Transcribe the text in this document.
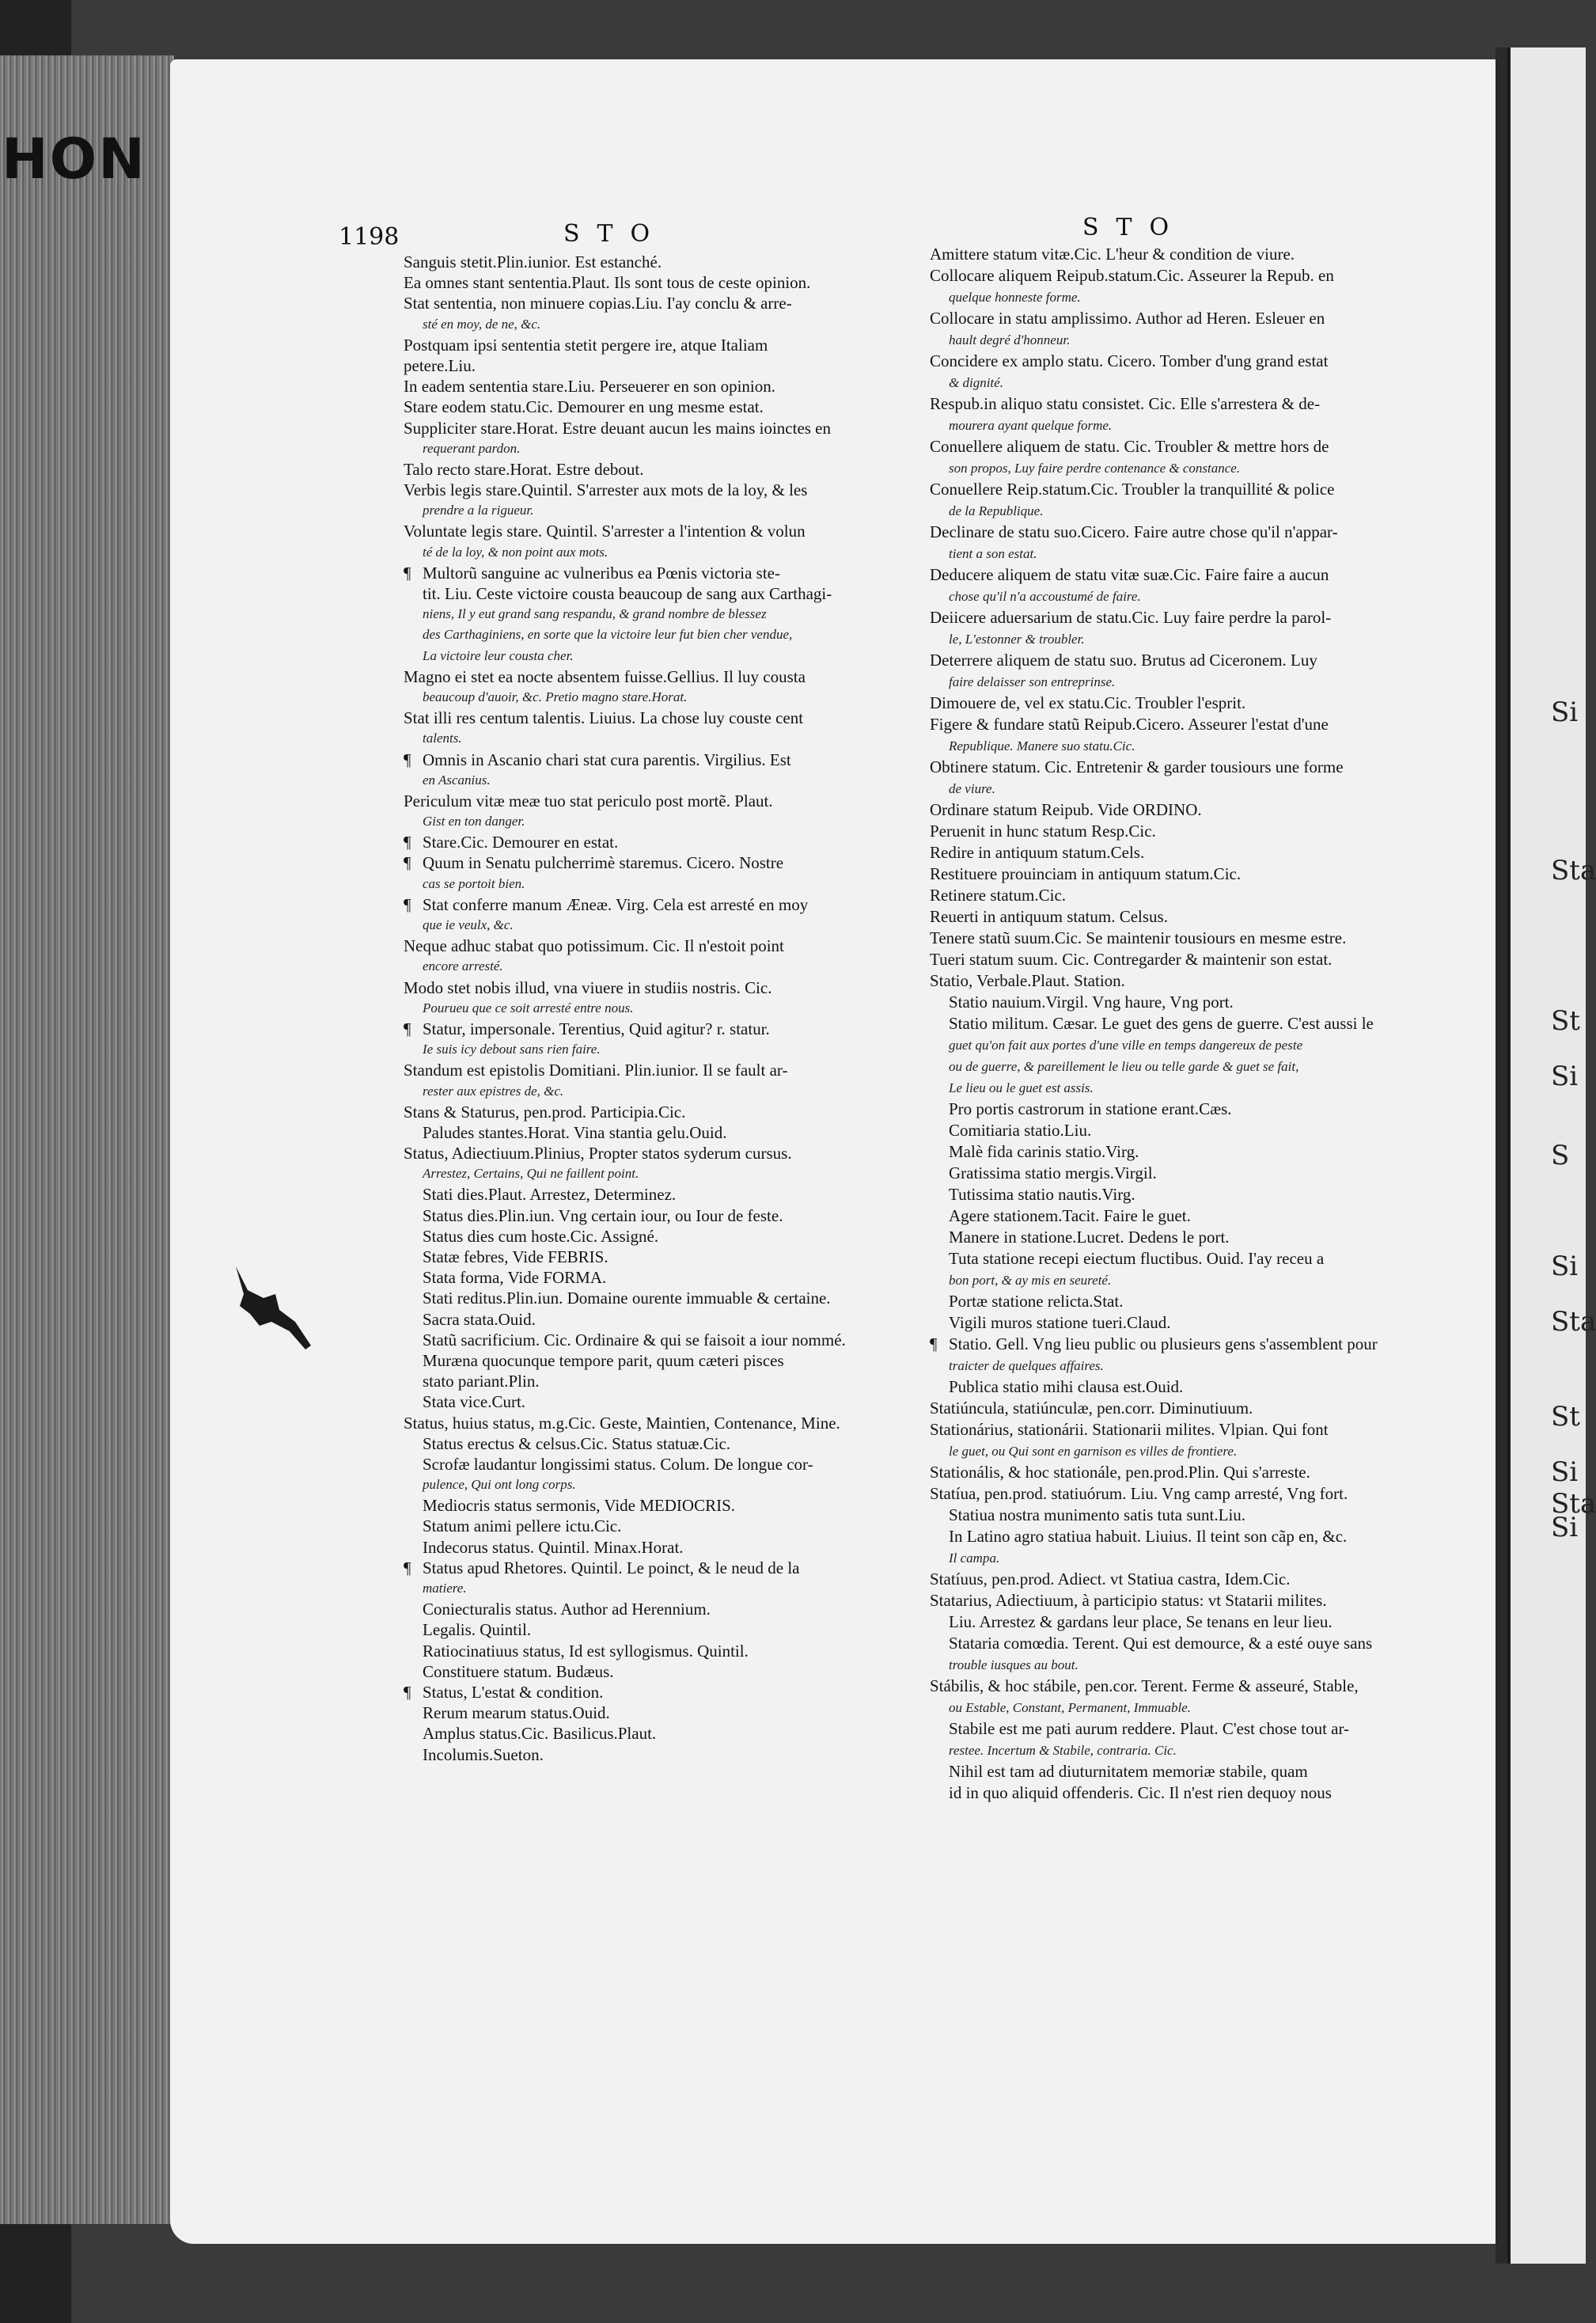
HON
Si
Sta
St
Si
S
Si
Sta
St
Si
Sta
Si
1198	STO	STO
Sanguis stetit.Plin.iunior. Est estanché.
Ea omnes stant sententia.Plaut. Ils sont tous de ceste opinion.
Stat sententia, non minuere copias.Liu. I'ay conclu & arre-
sté en moy, de ne, &c.
Postquam ipsi sententia stetit pergere ire, atque Italiam
petere.Liu.
In eadem sententia stare.Liu. Perseuerer en son opinion.
Stare eodem statu.Cic. Demourer en ung mesme estat.
Suppliciter stare.Horat. Estre deuant aucun les mains ioinctes en
requerant pardon.
Talo recto stare.Horat. Estre debout.
Verbis legis stare.Quintil. S'arrester aux mots de la loy, & les
prendre a la rigueur.
Voluntate legis stare. Quintil. S'arrester a l'intention & volun
té de la loy, & non point aux mots.
¶ Multorũ sanguine ac vulneribus ea Pœnis victoria ste-
tit. Liu. Ceste victoire cousta beaucoup de sang aux Carthagi-
niens, Il y eut grand sang respandu, & grand nombre de blessez
des Carthaginiens, en sorte que la victoire leur fut bien cher vendue,
La victoire leur cousta cher.
Magno ei stet ea nocte absentem fuisse.Gellius. Il luy cousta
beaucoup d'auoir, &c. Pretio magno stare.Horat.
Stat illi res centum talentis. Liuius. La chose luy couste cent
talents.
¶ Omnis in Ascanio chari stat cura parentis. Virgilius. Est
en Ascanius.
Periculum vitæ meæ tuo stat periculo post mortẽ. Plaut.
Gist en ton danger.
¶ Stare.Cic. Demourer en estat.
¶ Quum in Senatu pulcherrimè staremus. Cicero. Nostre
cas se portoit bien.
¶ Stat conferre manum Æneæ. Virg. Cela est arresté en moy
que ie veulx, &c.
Neque adhuc stabat quo potissimum. Cic. Il n'estoit point
encore arresté.
Modo stet nobis illud, vna viuere in studiis nostris. Cic.
Pourueu que ce soit arresté entre nous.
¶ Statur, impersonale. Terentius, Quid agitur? r. statur.
Ie suis icy debout sans rien faire.
Standum est epistolis Domitiani. Plin.iunior. Il se fault ar-
rester aux epistres de, &c.
Stans & Staturus, pen.prod. Participia.Cic.
Paludes stantes.Horat. Vina stantia gelu.Ouid.
Status, Adiectiuum.Plinius, Propter statos syderum cursus.
Arrestez, Certains, Qui ne faillent point.
Stati dies.Plaut. Arrestez, Determinez.
Status dies.Plin.iun. Vng certain iour, ou Iour de feste.
Status dies cum hoste.Cic. Assigné.
Statæ febres, Vide FEBRIS.
Stata forma, Vide FORMA.
Stati reditus.Plin.iun. Domaine ourente immuable & certaine.
Sacra stata.Ouid.
Statũ sacrificium. Cic. Ordinaire & qui se faisoit a iour nommé.
Muræna quocunque tempore parit, quum cæteri pisces
stato pariant.Plin.
Stata vice.Curt.
Status, huius status, m.g.Cic. Geste, Maintien, Contenance, Mine.
Status erectus & celsus.Cic. Status statuæ.Cic.
Scrofæ laudantur longissimi status. Colum. De longue cor-
pulence, Qui ont long corps.
Mediocris status sermonis, Vide MEDIOCRIS.
Statum animi pellere ictu.Cic.
Indecorus status. Quintil. Minax.Horat.
¶ Status apud Rhetores. Quintil. Le poinct, & le neud de la
matiere.
Coniecturalis status. Author ad Herennium.
Legalis. Quintil.
Ratiocinatiuus status, Id est syllogismus. Quintil.
Constituere statum. Budæus.
¶ Status, L'estat & condition.
Rerum mearum status.Ouid.
Amplus status.Cic. Basilicus.Plaut.
Incolumis.Sueton.
Amittere statum vitæ.Cic. L'heur & condition de viure.
Collocare aliquem Reipub.statum.Cic. Asseurer la Repub. en
quelque honneste forme.
Collocare in statu amplissimo. Author ad Heren. Esleuer en
hault degré d'honneur.
Concidere ex amplo statu. Cicero. Tomber d'ung grand estat
& dignité.
Respub.in aliquo statu consistet. Cic. Elle s'arrestera & de-
mourera ayant quelque forme.
Conuellere aliquem de statu. Cic. Troubler & mettre hors de
son propos, Luy faire perdre contenance & constance.
Conuellere Reip.statum.Cic. Troubler la tranquillité & police
de la Republique.
Declinare de statu suo.Cicero. Faire autre chose qu'il n'appar-
tient a son estat.
Deducere aliquem de statu vitæ suæ.Cic. Faire faire a aucun
chose qu'il n'a accoustumé de faire.
Deiicere aduersarium de statu.Cic. Luy faire perdre la parol-
le, L'estonner & troubler.
Deterrere aliquem de statu suo. Brutus ad Ciceronem. Luy
faire delaisser son entreprinse.
Dimouere de, vel ex statu.Cic. Troubler l'esprit.
Figere & fundare statũ Reipub.Cicero. Asseurer l'estat d'une
Republique. Manere suo statu.Cic.
Obtinere statum. Cic. Entretenir & garder tousiours une forme
de viure.
Ordinare statum Reipub. Vide ORDINO.
Peruenit in hunc statum Resp.Cic.
Redire in antiquum statum.Cels.
Restituere prouinciam in antiquum statum.Cic.
Retinere statum.Cic.
Reuerti in antiquum statum. Celsus.
Tenere statũ suum.Cic. Se maintenir tousiours en mesme estre.
Tueri statum suum. Cic. Contregarder & maintenir son estat.
Statio, Verbale.Plaut. Station.
Statio nauium.Virgil. Vng haure, Vng port.
Statio militum. Cæsar. Le guet des gens de guerre. C'est aussi le
guet qu'on fait aux portes d'une ville en temps dangereux de peste
ou de guerre, & pareillement le lieu ou telle garde & guet se fait,
Le lieu ou le guet est assis.
Pro portis castrorum in statione erant.Cæs.
Comitiaria statio.Liu.
Malè fida carinis statio.Virg.
Gratissima statio mergis.Virgil.
Tutissima statio nautis.Virg.
Agere stationem.Tacit. Faire le guet.
Manere in statione.Lucret. Dedens le port.
Tuta statione recepi eiectum fluctibus. Ouid. I'ay receu a
bon port, & ay mis en seureté.
Portæ statione relicta.Stat.
Vigili muros statione tueri.Claud.
¶ Statio. Gell. Vng lieu public ou plusieurs gens s'assemblent pour
traicter de quelques affaires.
Publica statio mihi clausa est.Ouid.
Statiúncula, statiúnculæ, pen.corr. Diminutiuum.
Stationárius, stationárii. Stationarii milites. Vlpian. Qui font
le guet, ou Qui sont en garnison es villes de frontiere.
Stationális, & hoc stationále, pen.prod.Plin. Qui s'arreste.
Statíua, pen.prod. statiuórum. Liu. Vng camp arresté, Vng fort.
Statiua nostra munimento satis tuta sunt.Liu.
In Latino agro statiua habuit. Liuius. Il teint son cãp en, &c.
Il campa.
Statíuus, pen.prod. Adiect. vt Statiua castra, Idem.Cic.
Statarius, Adiectiuum, à participio status: vt Statarii milites.
Liu. Arrestez & gardans leur place, Se tenans en leur lieu.
Stataria comœdia. Terent. Qui est demource, & a esté ouye sans
trouble iusques au bout.
Stábilis, & hoc stábile, pen.cor. Terent. Ferme & asseuré, Stable,
ou Estable, Constant, Permanent, Immuable.
Stabile est me pati aurum reddere. Plaut. C'est chose tout ar-
restee. Incertum & Stabile, contraria. Cic.
Nihil est tam ad diuturnitatem memoriæ stabile, quam
id in quo aliquid offenderis. Cic. Il n'est rien dequoy nous
